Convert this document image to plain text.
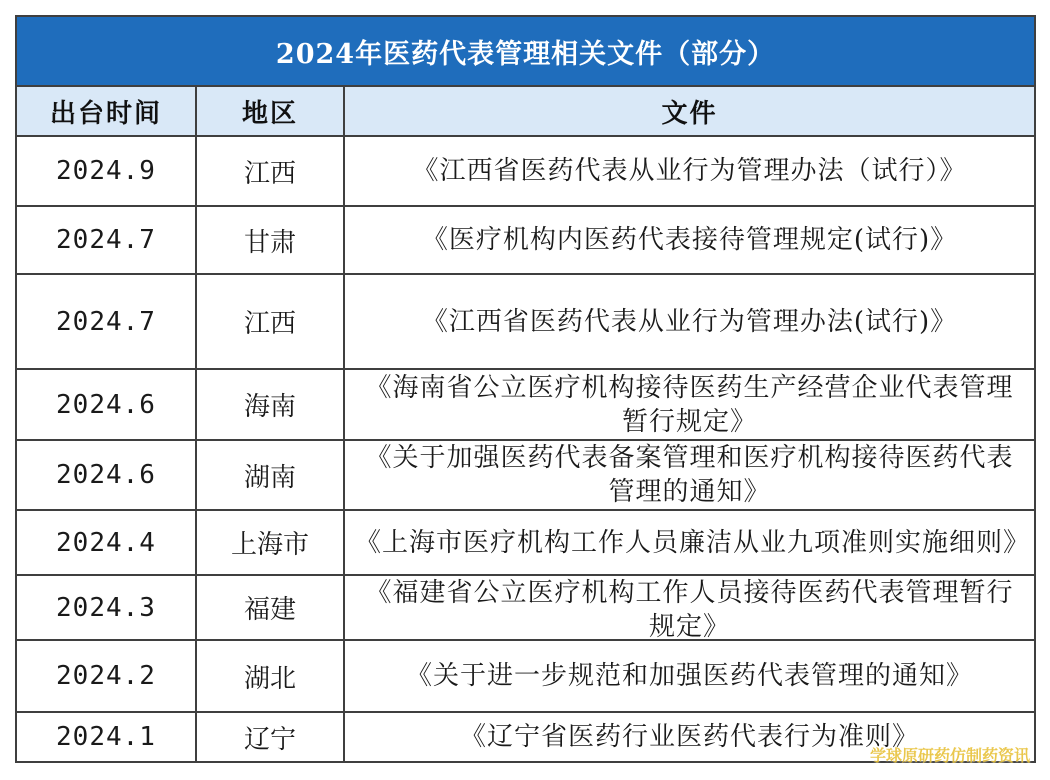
2024年医药代表管理相关文件（部分）		
出台时间	地区	文件
2024.9	江西	《江西省医药代表从业行为管理办法（试行）》

2024.7	甘肃	《医疗机构内医药代表接待管理规定(试行)》

2024.7	江西	《江西省医药代表从业行为管理办法(试行)》

2024.6	海南	《海南省公立医疗机构接待医药生产经营企业代表管理暂行规定》

2024.6	湖南	《关于加强医药代表备案管理和医疗机构接待医药代表管理的通知》

2024.4	上海市	《上海市医疗机构工作人员廉洁从业九项准则实施细则》

2024.3	福建	《福建省公立医疗机构工作人员接待医药代表管理暂行规定》

2024.2	湖北	《关于进一步规范和加强医药代表管理的通知》

2024.1	辽宁	《辽宁省医药行业医药代表行为准则》
学球原研药仿制药资讯
